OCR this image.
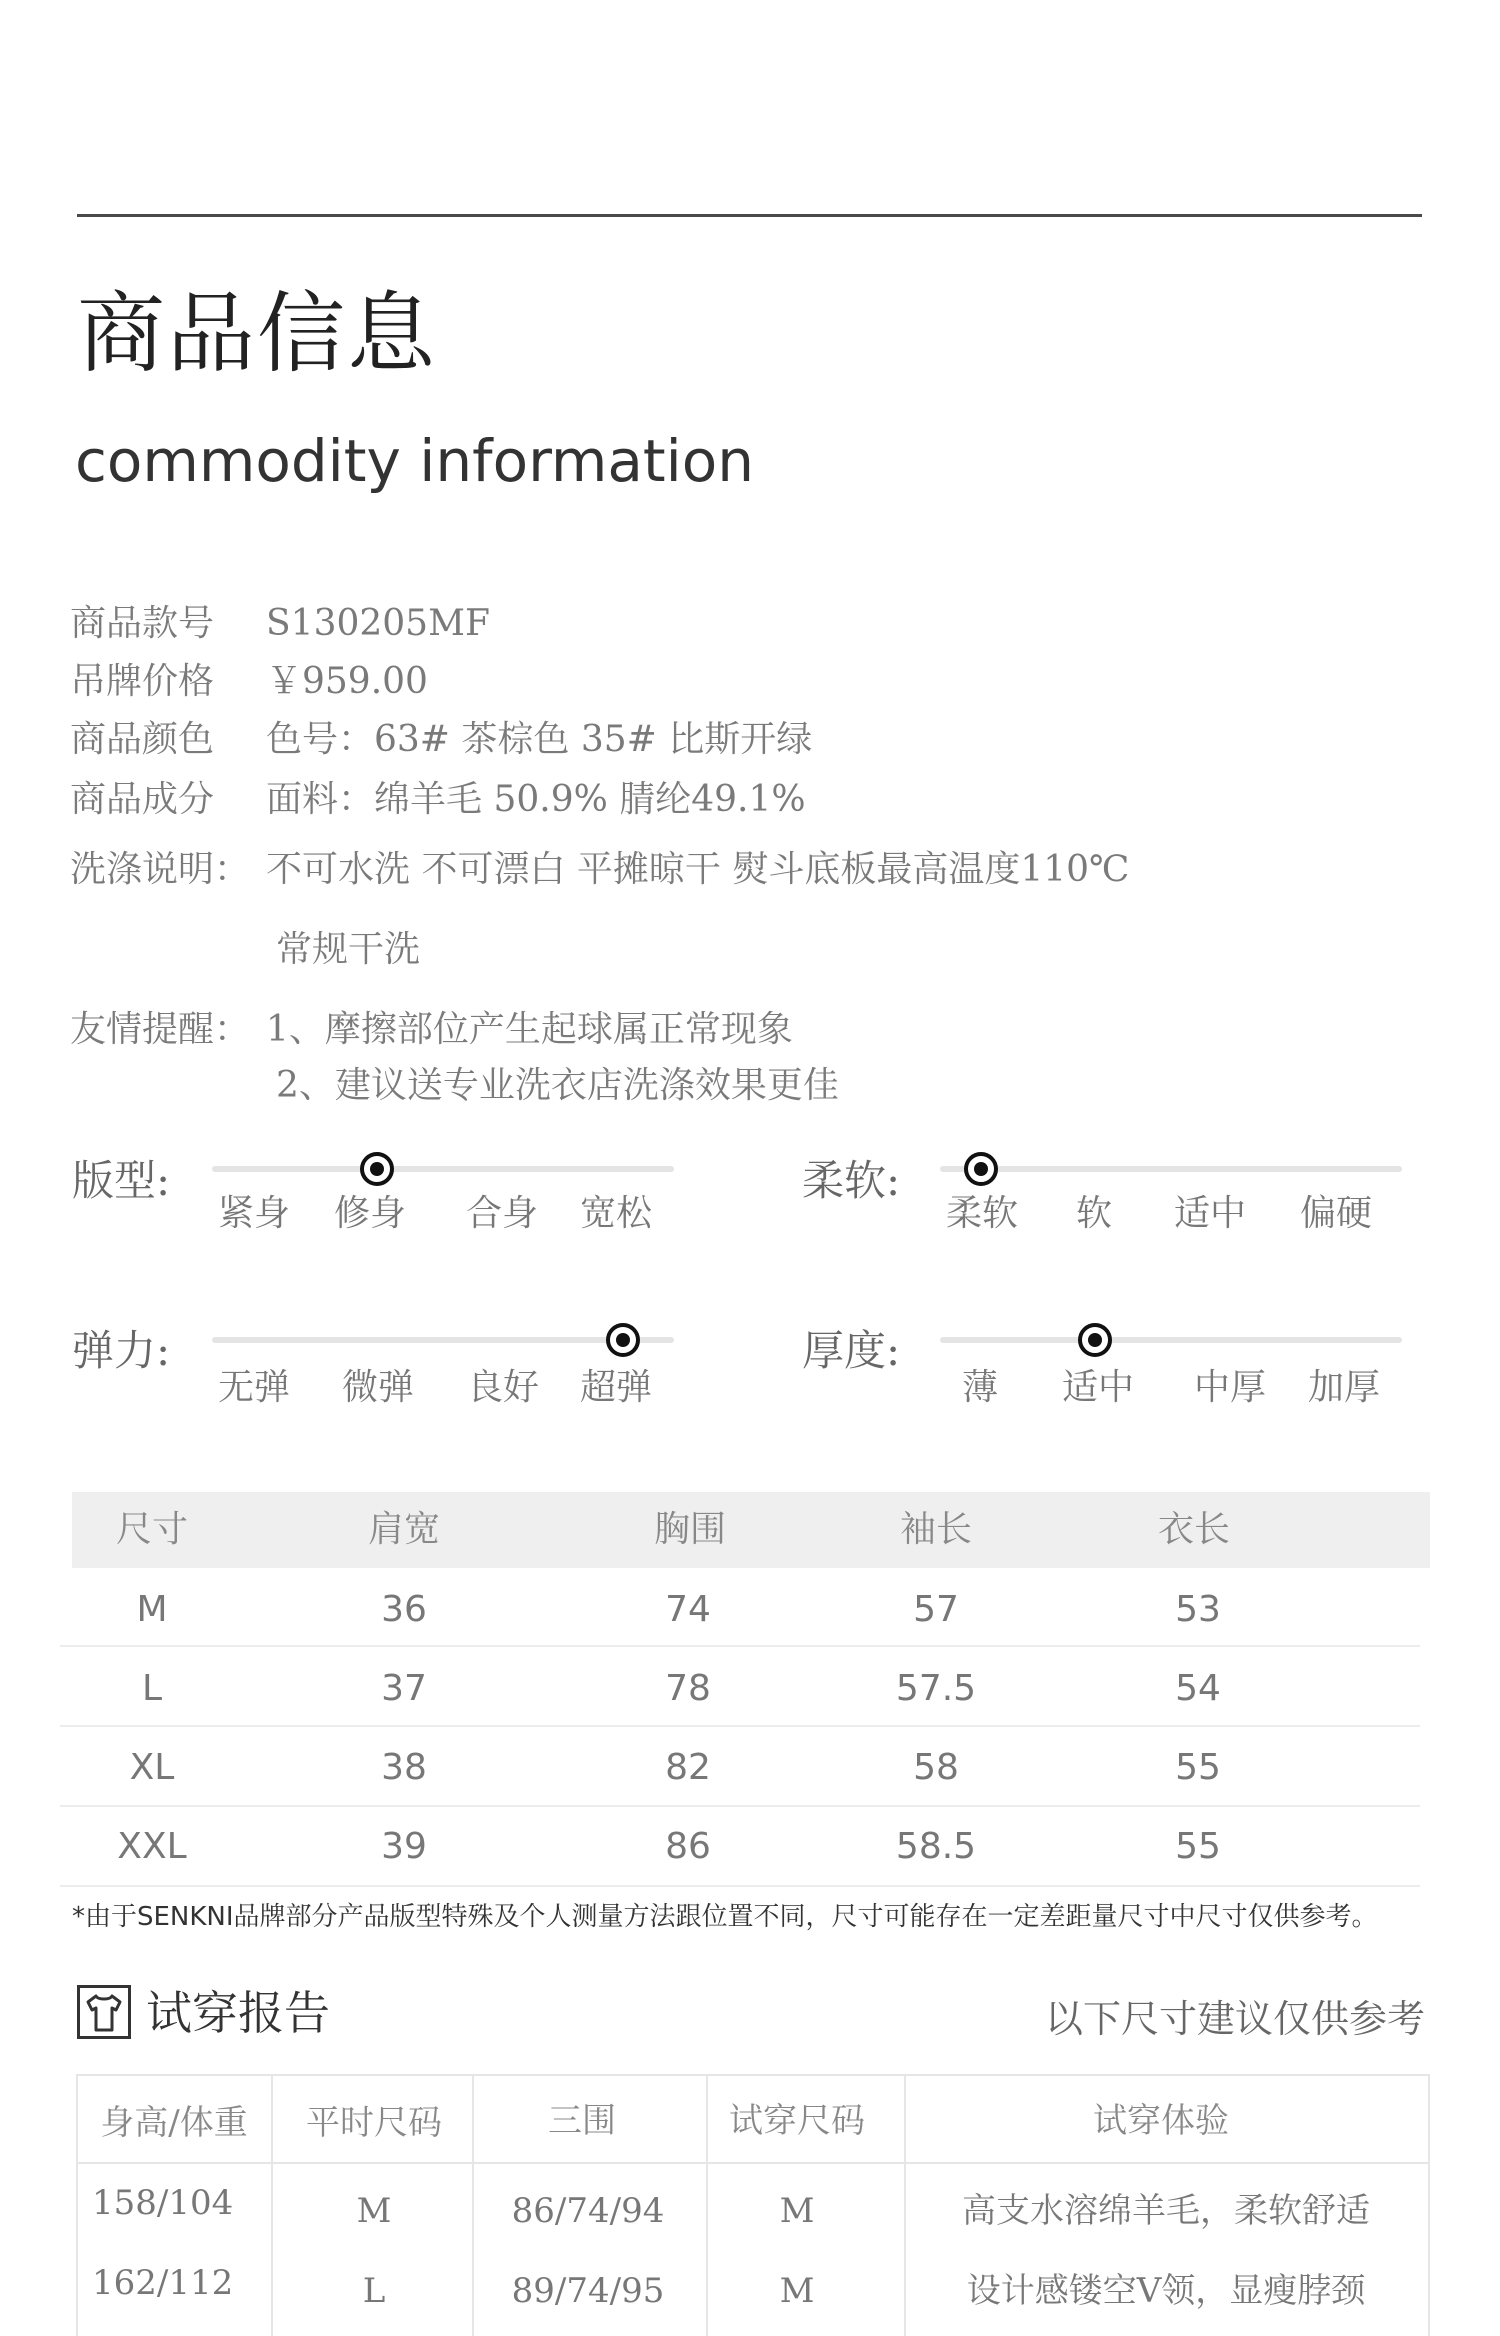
商品信息
commodity information
商品款号 S130205MF
吊牌价格 ￥959.00
商品颜色 色号：63# 茶棕色 35# 比斯开绿
商品成分 面料：绵羊毛 50.9% 腈纶49.1%
洗涤说明： 不可水洗 不可漂白 平摊晾干 熨斗底板最高温度110℃
常规干洗
友情提醒： 1、摩擦部位产生起球属正常现象
2、建议送专业洗衣店洗涤效果更佳
版型:
紧身 修身 合身 宽松
柔软:
柔软 软 适中 偏硬
弹力:
无弹 微弹 良好 超弹
厚度:
薄 适中 中厚 加厚
尺寸	肩宽	胸围	袖长	衣长
M	36	74	57	53
L	37	78	57.5	54
XL	38	82	58	55
XXL	39	86	58.5	55
*由于SENKNI品牌部分产品版型特殊及个人测量方法跟位置不同，尺寸可能存在一定差距量尺寸中尺寸仅供参考。
试穿报告	以下尺寸建议仅供参考
身高/体重 平时尺码	三围	试穿尺码	试穿体验
158/104	M	86/74/94	M	高支水溶绵羊毛，柔软舒适
162/112	L	89/74/95	M	设计感镂空V领，显瘦脖颈
